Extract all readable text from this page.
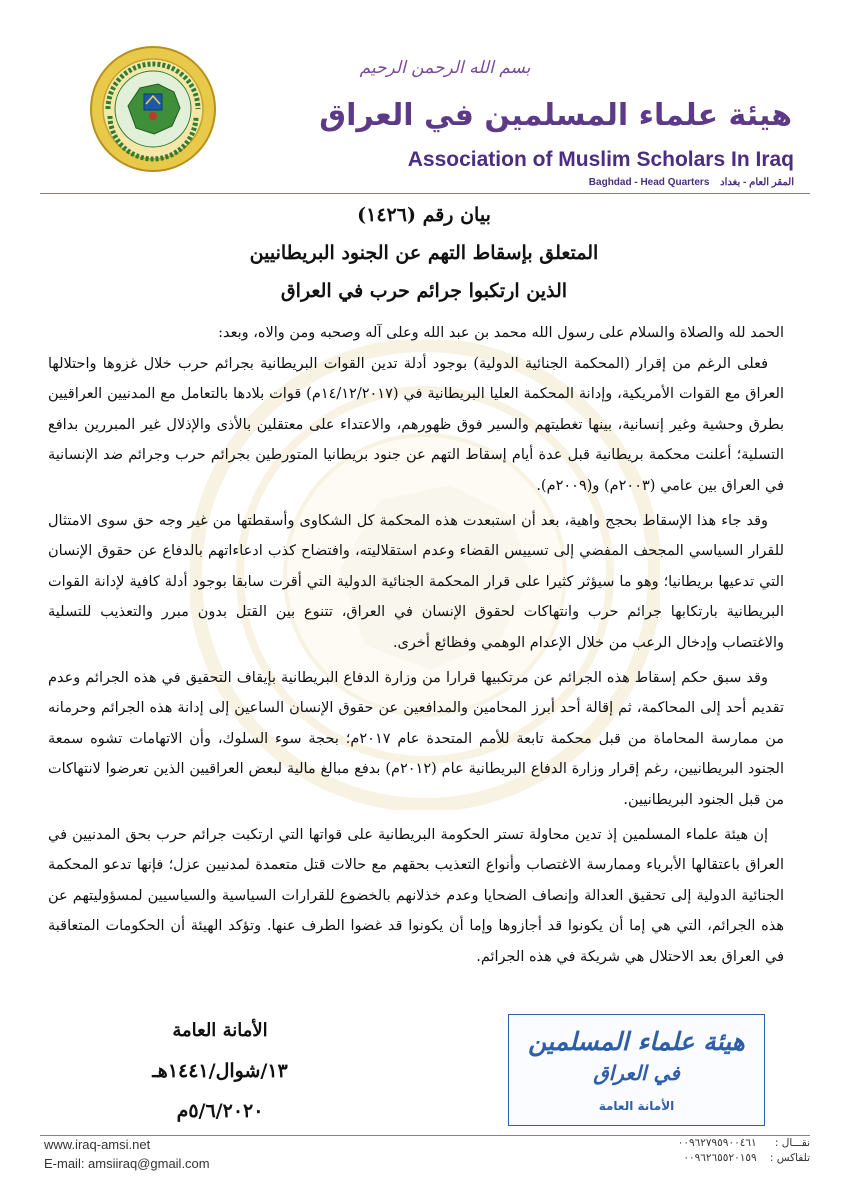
بسم الله الرحمن الرحيم
هيئة علماء المسلمين في العراق
Association of Muslim Scholars In Iraq
Baghdad - Head Quarters المقر العام - بغداد
بيان رقم (١٤٢٦)
المتعلق بإسقاط التهم عن الجنود البريطانيين
الذين ارتكبوا جرائم حرب في العراق

الحمد لله والصلاة والسلام على رسول الله محمد بن عبد الله وعلى آله وصحبه ومن والاه، وبعد:

فعلى الرغم من إقرار (المحكمة الجنائية الدولية) بوجود أدلة تدين القوات البريطانية بجرائم حرب خلال غزوها واحتلالها العراق مع القوات الأمريكية، وإدانة المحكمة العليا البريطانية في (١٤/١٢/٢٠١٧م) قوات بلادها بالتعامل مع المدنيين العراقيين بطرق وحشية وغير إنسانية، بينها تغطيتهم والسير فوق ظهورهم، والاعتداء على معتقلين بالأذى والإذلال غير المبررين بدافع التسلية؛ أعلنت محكمة بريطانية قبل عدة أيام إسقاط التهم عن جنود بريطانيا المتورطين بجرائم حرب وجرائم ضد الإنسانية في العراق بين عامي (٢٠٠٣م) و(٢٠٠٩م).

وقد جاء هذا الإسقاط بحجج واهية، بعد أن استبعدت هذه المحكمة كل الشكاوى وأسقطتها من غير وجه حق سوى الامتثال للقرار السياسي المجحف المفضي إلى تسييس القضاء وعدم استقلاليته، وافتضاح كذب ادعاءاتهم بالدفاع عن حقوق الإنسان التي تدعيها بريطانيا؛ وهو ما سيؤثر كثيرا على قرار المحكمة الجنائية الدولية التي أقرت سابقا بوجود أدلة كافية لإدانة القوات البريطانية بارتكابها جرائم حرب وانتهاكات لحقوق الإنسان في العراق، تتنوع بين القتل بدون مبرر والتعذيب للتسلية والاغتصاب وإدخال الرعب من خلال الإعدام الوهمي وفظائع أخرى.

وقد سبق حكم إسقاط هذه الجرائم عن مرتكبيها قرارا من وزارة الدفاع البريطانية بإيقاف التحقيق في هذه الجرائم وعدم تقديم أحد إلى المحاكمة، ثم إقالة أحد أبرز المحامين والمدافعين عن حقوق الإنسان الساعين إلى إدانة هذه الجرائم وحرمانه من ممارسة المحاماة من قبل محكمة تابعة للأمم المتحدة عام ٢٠١٧م؛ بحجة سوء السلوك، وأن الاتهامات تشوه سمعة الجنود البريطانيين، رغم إقرار وزارة الدفاع البريطانية عام (٢٠١٢م) بدفع مبالغ مالية لبعض العراقيين الذين تعرضوا لانتهاكات من قبل الجنود البريطانيين.

إن هيئة علماء المسلمين إذ تدين محاولة تستر الحكومة البريطانية على قواتها التي ارتكبت جرائم حرب بحق المدنيين في العراق باعتقالها الأبرياء وممارسة الاغتصاب وأنواع التعذيب بحقهم مع حالات قتل متعمدة لمدنيين عزل؛ فإنها تدعو المحكمة الجنائية الدولية إلى تحقيق العدالة وإنصاف الضحايا وعدم خذلانهم بالخضوع للقرارات السياسية والسياسيين لمسؤوليتهم عن هذه الجرائم، التي هي إما أن يكونوا قد أجازوها وإما أن يكونوا قد غضوا الطرف عنها. وتؤكد الهيئة أن الحكومات المتعاقبة في العراق بعد الاحتلال هي شريكة في هذه الجرائم.

الأمانة العامة
١٣/شوال/١٤٤١هـ
٥/٦/٢٠٢٠م
هيئة علماء المسلمين
في العراق
الأمانة العامة
www.iraq-amsi.net
E-mail: amsiiraq@gmail.com
نقـــال : ٠٠٩٦٢٧٩٥٩٠٠٤٦١
تلفاكس : ٠٠٩٦٢٦٥٥٢٠١٥٩
